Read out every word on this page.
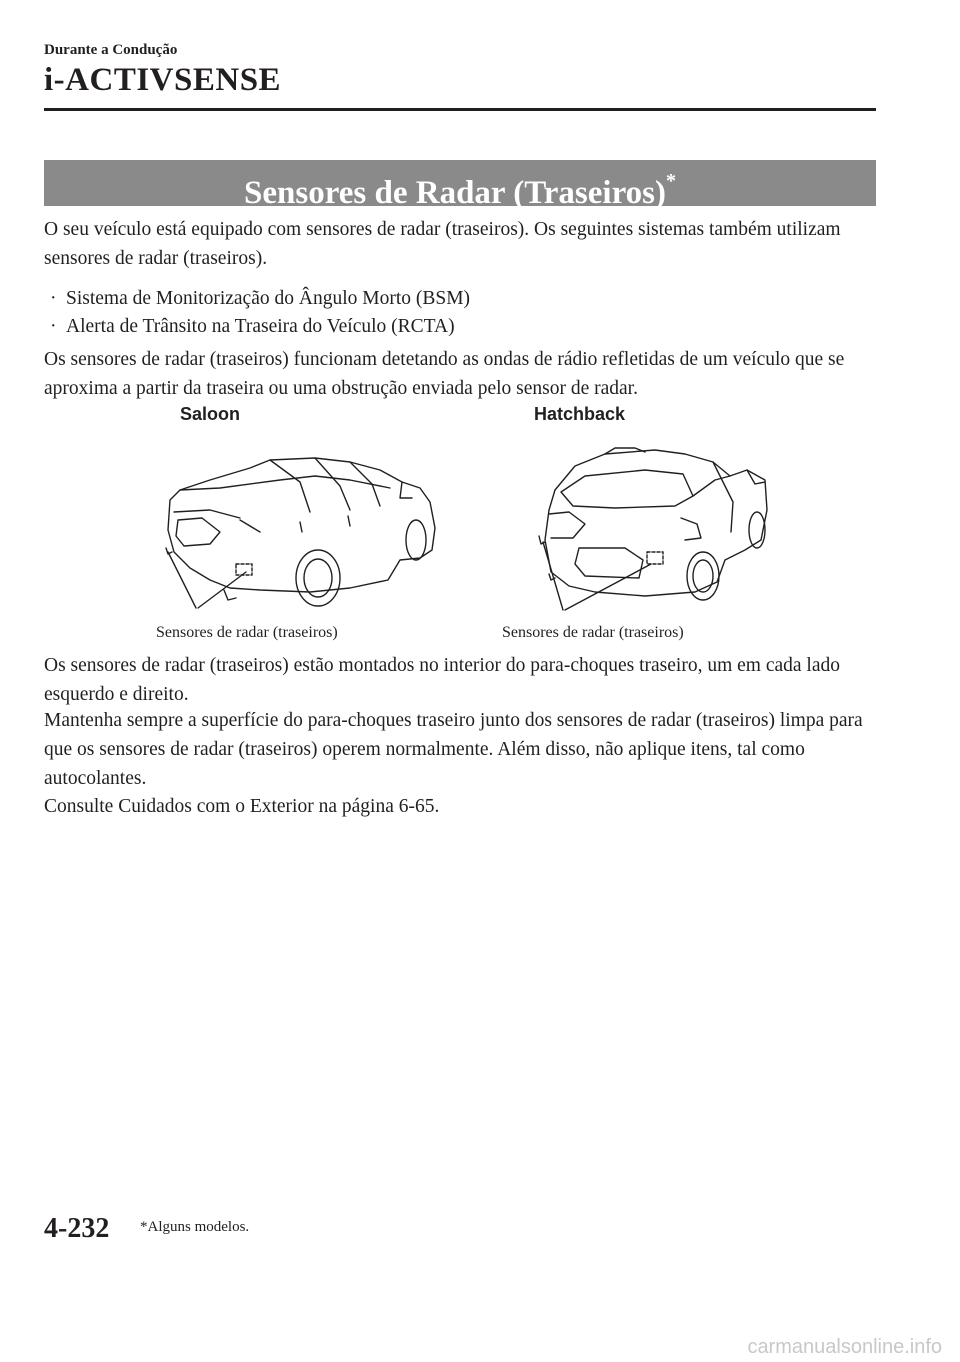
Durante a Condução
i-ACTIVSENSE
Sensores de Radar (Traseiros)*
O seu veículo está equipado com sensores de radar (traseiros). Os seguintes sistemas também utilizam sensores de radar (traseiros).
· Sistema de Monitorização do Ângulo Morto (BSM)
· Alerta de Trânsito na Traseira do Veículo (RCTA)
Os sensores de radar (traseiros) funcionam detetando as ondas de rádio refletidas de um veículo que se aproxima a partir da traseira ou uma obstrução enviada pelo sensor de radar.
Saloon	Hatchback
Sensores de radar (traseiros)	Sensores de radar (traseiros)
Os sensores de radar (traseiros) estão montados no interior do para-choques traseiro, um em cada lado esquerdo e direito.
Mantenha sempre a superfície do para-choques traseiro junto dos sensores de radar (traseiros) limpa para que os sensores de radar (traseiros) operem normalmente. Além disso, não aplique itens, tal como autocolantes.
Consulte Cuidados com o Exterior na página 6-65.
4-232 *Alguns modelos.
carmanualsonline.info
